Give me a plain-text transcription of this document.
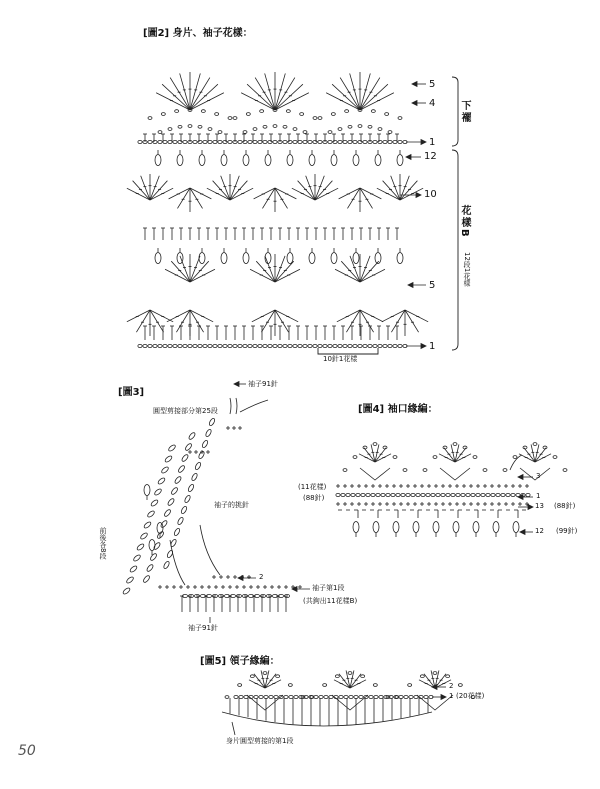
[圖2] 身片、袖子花樣：
5
4
1
12
10
5
1
下襬
花樣B
12段1花樣
10針1花樣
[圖3]
袖子91針
圓型剪接部分第25段
袖子的挑針
前後各8段
2
袖子第1段
(共鉤出11花樣B)
袖子91針
[圖4] 袖口緣編：
(11花樣)
(88針)
(88針)
(99針)
3
1
13
12
[圖5] 領子緣編：
2
1 (20花樣)
身片圓型剪接的第1段
50
